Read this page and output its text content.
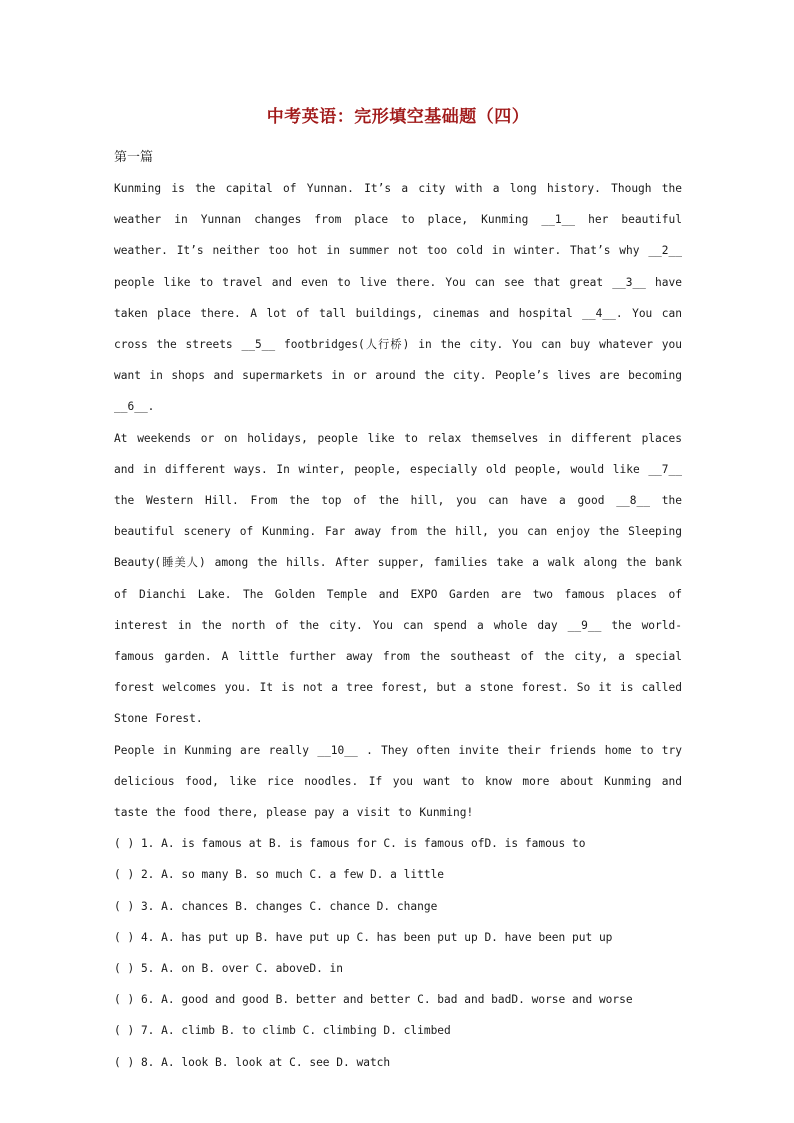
中考英语：完形填空基础题（四）

第一篇

Kunming is the capital of Yunnan. It’s a city with a long history. Though the weather in Yunnan changes from place to place, Kunming __1__ her beautiful weather. It’s neither too hot in summer not too cold in winter. That’s why __2__ people like to travel and even to live there. You can see that great __3__ have taken place there. A lot of tall buildings, cinemas and hospital __4__. You can cross the streets __5__ footbridges(人行桥) in the city. You can buy whatever you want in shops and supermarkets in or around the city. People’s lives are becoming __6__.

At weekends or on holidays, people like to relax themselves in different places and in different ways. In winter, people, especially old people, would like __7__ the Western Hill. From the top of the hill, you can have a good __8__ the beautiful scenery of Kunming. Far away from the hill, you can enjoy the Sleeping Beauty(睡美人) among the hills. After supper, families take a walk along the bank of Dianchi Lake. The Golden Temple and EXPO Garden are two famous places of interest in the north of the city. You can spend a whole day __9__ the world-famous garden. A little further away from the southeast of the city, a special forest welcomes you. It is not a tree forest, but a stone forest. So it is called Stone Forest.

People in Kunming are really __10__ . They often invite their friends home to try delicious food, like rice noodles. If you want to know more about Kunming and taste the food there, please pay a visit to Kunming!

( ) 1. A. is famous at B. is famous for C. is famous ofD. is famous to
( ) 2. A. so many B. so much C. a few D. a little
( ) 3. A. chances B. changes C. chance D. change
( ) 4. A. has put up B. have put up C. has been put up D. have been put up
( ) 5. A. on B. over C. aboveD. in
( ) 6. A. good and good B. better and better C. bad and badD. worse and worse
( ) 7. A. climb B. to climb C. climbing D. climbed
( ) 8. A. look B. look at C. see D. watch
